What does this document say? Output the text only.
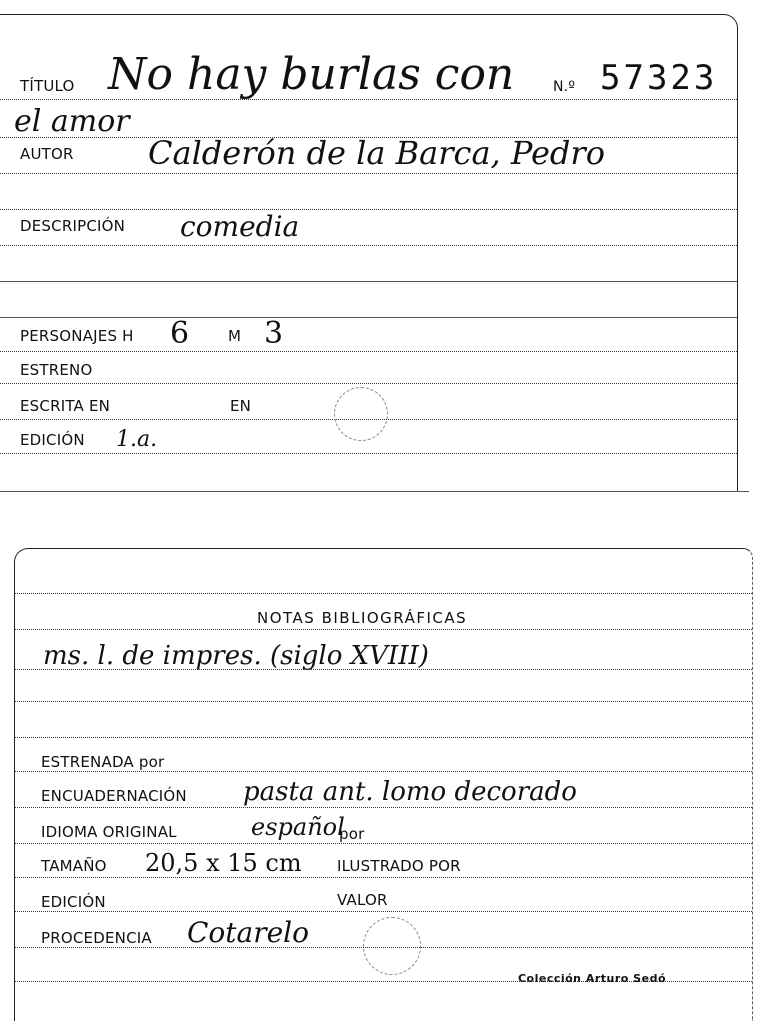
TÍTULO No hay burlas con	N.º 57323
el amor
AUTOR Calderón de la Barca, Pedro
DESCRIPCIÓN comedia
PERSONAJES H 6	M 3
ESTRENO
ESCRITA EN	EN
EDICIÓN 1.a.
NOTAS BIBLIOGRÁFICAS
ms. l. de impres. (siglo XVIII)
ESTRENADA por
ENCUADERNACIÓN pasta ant. lomo decorado
IDIOMA ORIGINAL	español
por
TAMAÑO 20,5 x 15 cm ILUSTRADO POR
EDICIÓN	VALOR
PROCEDENCIA Cotarelo
Colección Arturo Sedó
